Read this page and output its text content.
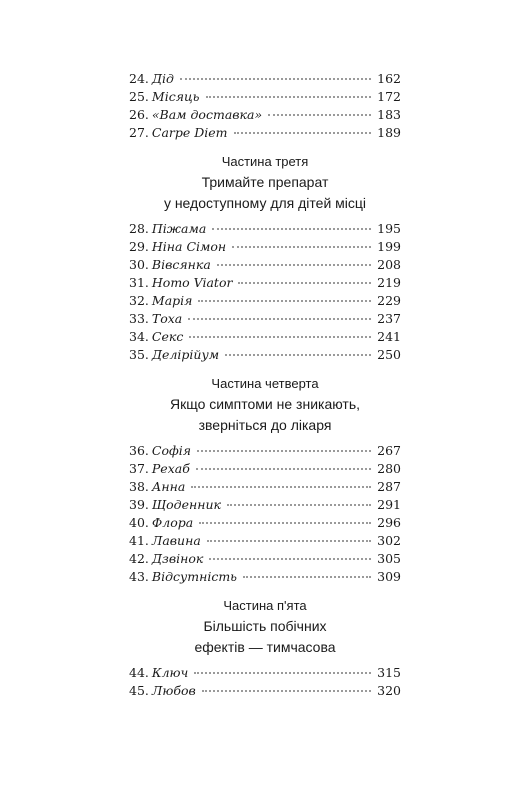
24. Дід	162
25. Місяць	172
26. «Вам доставка»	183
27. Carpe Diem	189
Частина третя
Тримайте препарат
у недоступному для дітей місці
28. Піжама	195
29. Ніна Сімон	199
30. Вівсянка	208
31. Homo Viator	219
32. Марія	229
33. Тоха	237
34. Секс	241
35. Делірійум	250
Частина четверта
Якщо симптоми не зникають,
зверніться до лікаря
36. Софія	267
37. Рехаб	280
38. Анна	287
39. Щоденник	291
40. Флора	296
41. Лавина	302
42. Дзвінок	305
43. Відсутність	309
Частина п'ята
Більшість побічних
ефектів — тимчасова
44. Ключ	315
45. Любов	320
